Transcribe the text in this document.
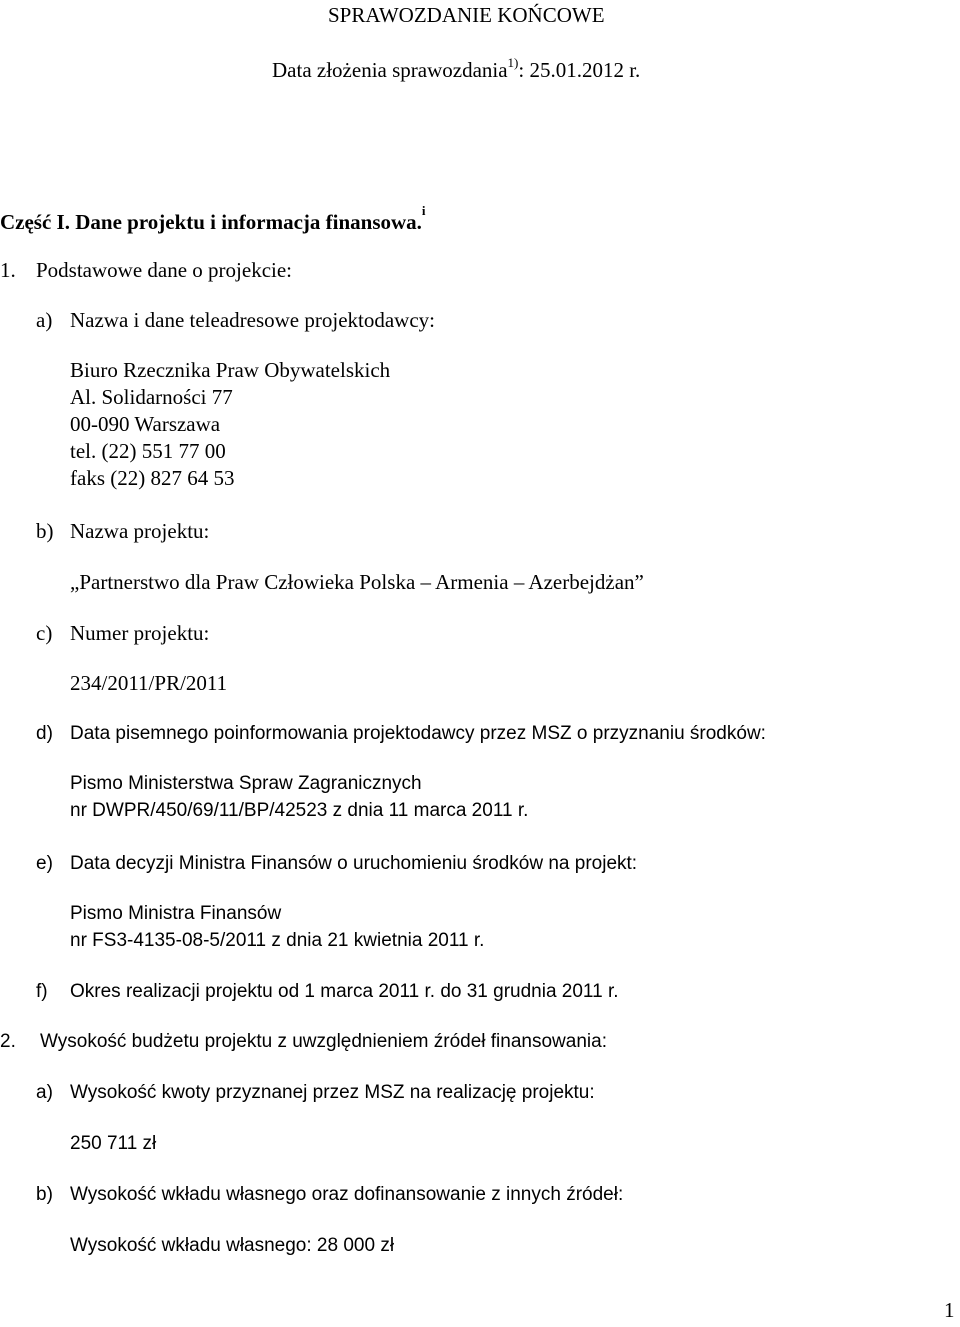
SPRAWOZDANIE KOŃCOWE
Data złożenia sprawozdania$^{1)}$: 25.01.2012 r.
Część I. Dane projektu i informacja finansowa.$^i$
1. Podstawowe dane o projekcie:
a) Nazwa i dane teleadresowe projektodawcy:
Biuro Rzecznika Praw Obywatelskich
Al. Solidarności 77
00-090 Warszawa
tel. (22) 551 77 00
faks (22) 827 64 53
b) Nazwa projektu:
„Partnerstwo dla Praw Człowieka Polska – Armenia – Azerbejdżan”
c) Numer projektu:
234/2011/PR/2011
d) Data pisemnego poinformowania projektodawcy przez MSZ o przyznaniu środków:
Pismo Ministerstwa Spraw Zagranicznych
nr DWPR/450/69/11/BP/42523 z dnia 11 marca 2011 r.
e) Data decyzji Ministra Finansów o uruchomieniu środków na projekt:
Pismo Ministra Finansów
nr FS3-4135-08-5/2011 z dnia 21 kwietnia 2011 r.
f) Okres realizacji projektu od 1 marca 2011 r. do 31 grudnia 2011 r.
2. Wysokość budżetu projektu z uwzględnieniem źródeł finansowania:
a) Wysokość kwoty przyznanej przez MSZ na realizację projektu:
250 711 zł
b) Wysokość wkładu własnego oraz dofinansowanie z innych źródeł:
Wysokość wkładu własnego: 28 000 zł
1
